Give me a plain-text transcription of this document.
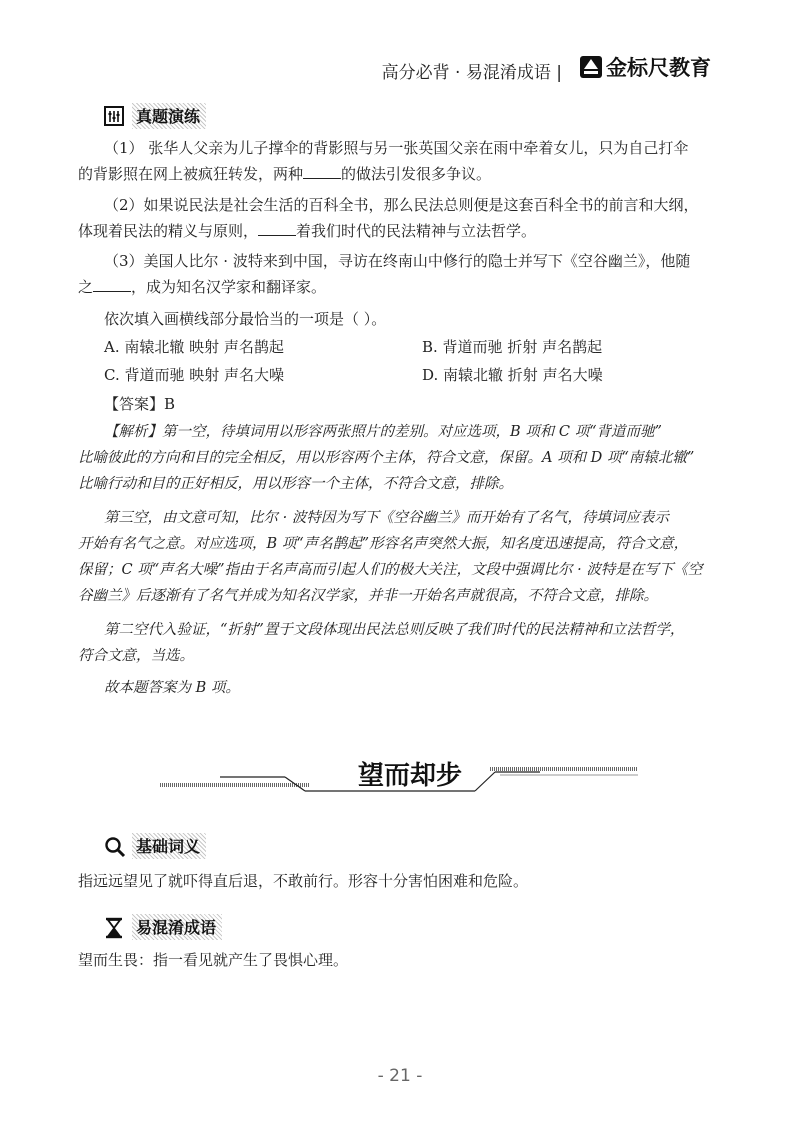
高分必背 · 易混淆成语 | 金标尺教育
真题演练
（1） 张华人父亲为儿子撑伞的背影照与另一张英国父亲在雨中牵着女儿，只为自己打伞
的背影照在网上被疯狂转发，两种	的做法引发很多争议。
（2）如果说民法是社会生活的百科全书，那么民法总则便是这套百科全书的前言和大纲，
体现着民法的精义与原则，	着我们时代的民法精神与立法哲学。
（3）美国人比尔 · 波特来到中国，寻访在终南山中修行的隐士并写下《空谷幽兰》，他随
之	，成为知名汉学家和翻译家。
依次填入画横线部分最恰当的一项是（ ）。
A. 南辕北辙 映射 声名鹊起	B. 背道而驰 折射 声名鹊起
C. 背道而驰 映射 声名大噪	D. 南辕北辙 折射 声名大噪
【答案】B
【解析】第一空，待填词用以形容两张照片的差别。对应选项，B 项和 C 项“背道而驰”
比喻彼此的方向和目的完全相反，用以形容两个主体，符合文意，保留。A 项和 D 项“南辕北辙”
比喻行动和目的正好相反，用以形容一个主体，不符合文意，排除。
第三空，由文意可知，比尔 · 波特因为写下《空谷幽兰》而开始有了名气，待填词应表示
开始有名气之意。对应选项，B 项“声名鹊起”形容名声突然大振，知名度迅速提高，符合文意，
保留；C 项“声名大噪”指由于名声高而引起人们的极大关注，文段中强调比尔 · 波特是在写下《空
谷幽兰》后逐渐有了名气并成为知名汉学家，并非一开始名声就很高，不符合文意，排除。
第二空代入验证，“折射”置于文段体现出民法总则反映了我们时代的民法精神和立法哲学，
符合文意，当选。
故本题答案为 B 项。
望而却步
基础词义
指远远望见了就吓得直后退，不敢前行。形容十分害怕困难和危险。
易混淆成语
望而生畏：指一看见就产生了畏惧心理。
- 21 -
